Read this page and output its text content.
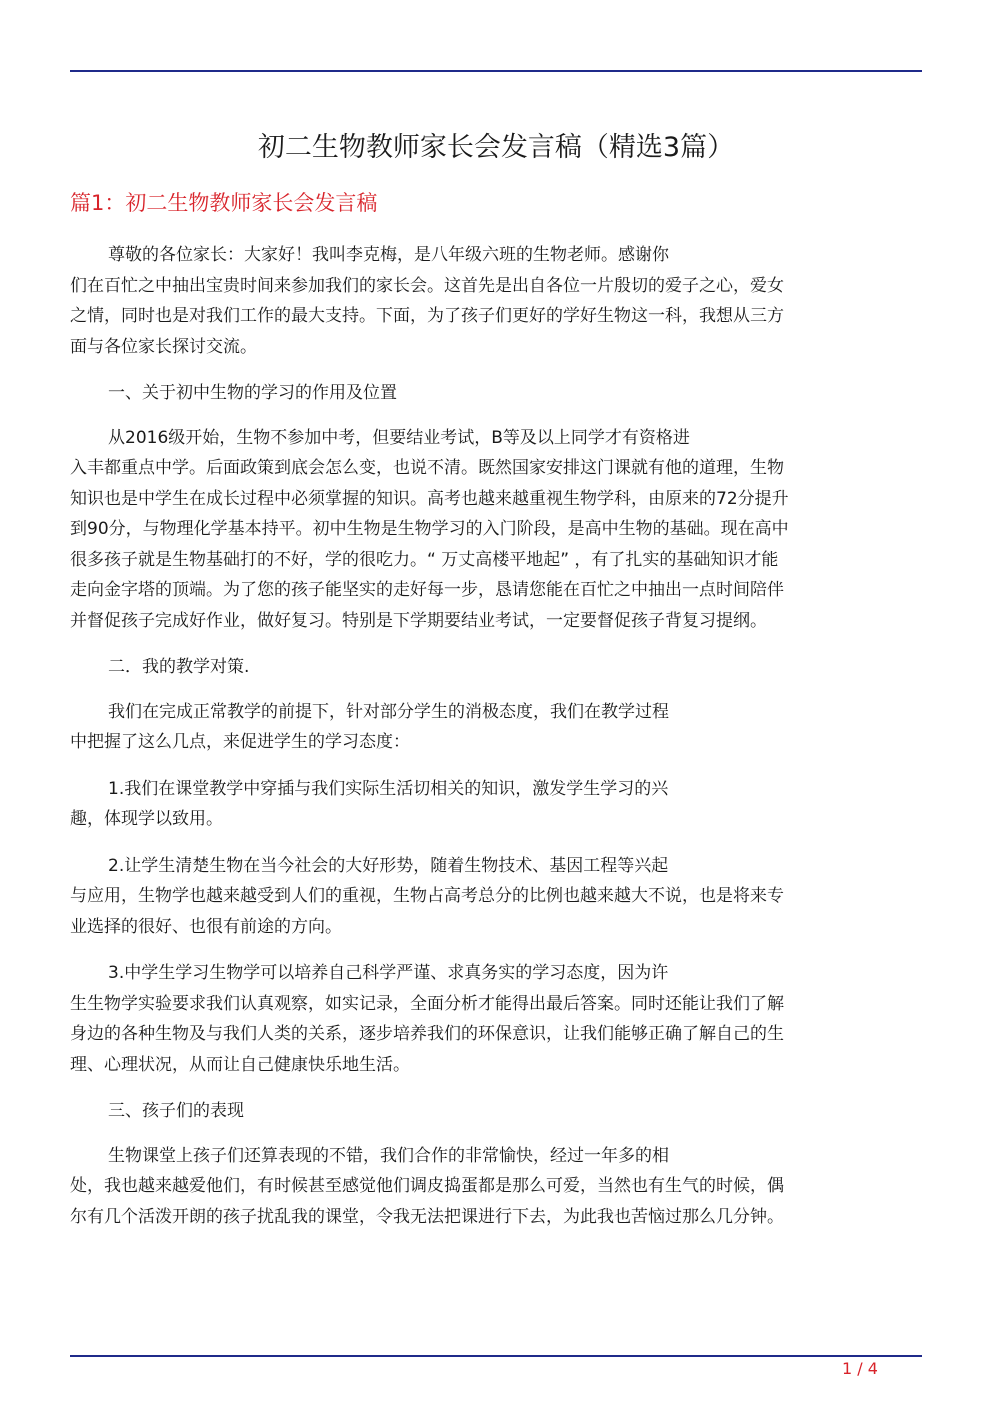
初二生物教师家长会发言稿（精选3篇）
篇1：初二生物教师家长会发言稿

尊敬的各位家长：大家好！我叫李克梅，是八年级六班的生物老师。感谢你
们在百忙之中抽出宝贵时间来参加我们的家长会。这首先是出自各位一片殷切的爱子之心，爱女
之情，同时也是对我们工作的最大支持。下面，为了孩子们更好的学好生物这一科，我想从三方
面与各位家长探讨交流。

一、关于初中生物的学习的作用及位置

从2016级开始，生物不参加中考，但要结业考试，B等及以上同学才有资格进
入丰都重点中学。后面政策到底会怎么变，也说不清。既然国家安排这门课就有他的道理，生物
知识也是中学生在成长过程中必须掌握的知识。高考也越来越重视生物学科，由原来的72分提升
到90分，与物理化学基本持平。初中生物是生物学习的入门阶段，是高中生物的基础。现在高中
很多孩子就是生物基础打的不好，学的很吃力。“ 万丈高楼平地起” ，有了扎实的基础知识才能
走向金字塔的顶端。为了您的孩子能坚实的走好每一步，恳请您能在百忙之中抽出一点时间陪伴
并督促孩子完成好作业，做好复习。特别是下学期要结业考试，一定要督促孩子背复习提纲。

二．我的教学对策.

我们在完成正常教学的前提下，针对部分学生的消极态度，我们在教学过程
中把握了这么几点，来促进学生的学习态度：

1.我们在课堂教学中穿插与我们实际生活切相关的知识，激发学生学习的兴
趣，体现学以致用。

2.让学生清楚生物在当今社会的大好形势，随着生物技术、基因工程等兴起
与应用，生物学也越来越受到人们的重视，生物占高考总分的比例也越来越大不说，也是将来专
业选择的很好、也很有前途的方向。

3.中学生学习生物学可以培养自己科学严谨、求真务实的学习态度，因为许
生生物学实验要求我们认真观察，如实记录，全面分析才能得出最后答案。同时还能让我们了解
身边的各种生物及与我们人类的关系，逐步培养我们的环保意识，让我们能够正确了解自己的生
理、心理状况，从而让自己健康快乐地生活。

三、孩子们的表现

生物课堂上孩子们还算表现的不错，我们合作的非常愉快，经过一年多的相
处，我也越来越爱他们，有时候甚至感觉他们调皮捣蛋都是那么可爱，当然也有生气的时候，偶
尔有几个活泼开朗的孩子扰乱我的课堂，令我无法把课进行下去，为此我也苦恼过那么几分钟。

1 / 4
